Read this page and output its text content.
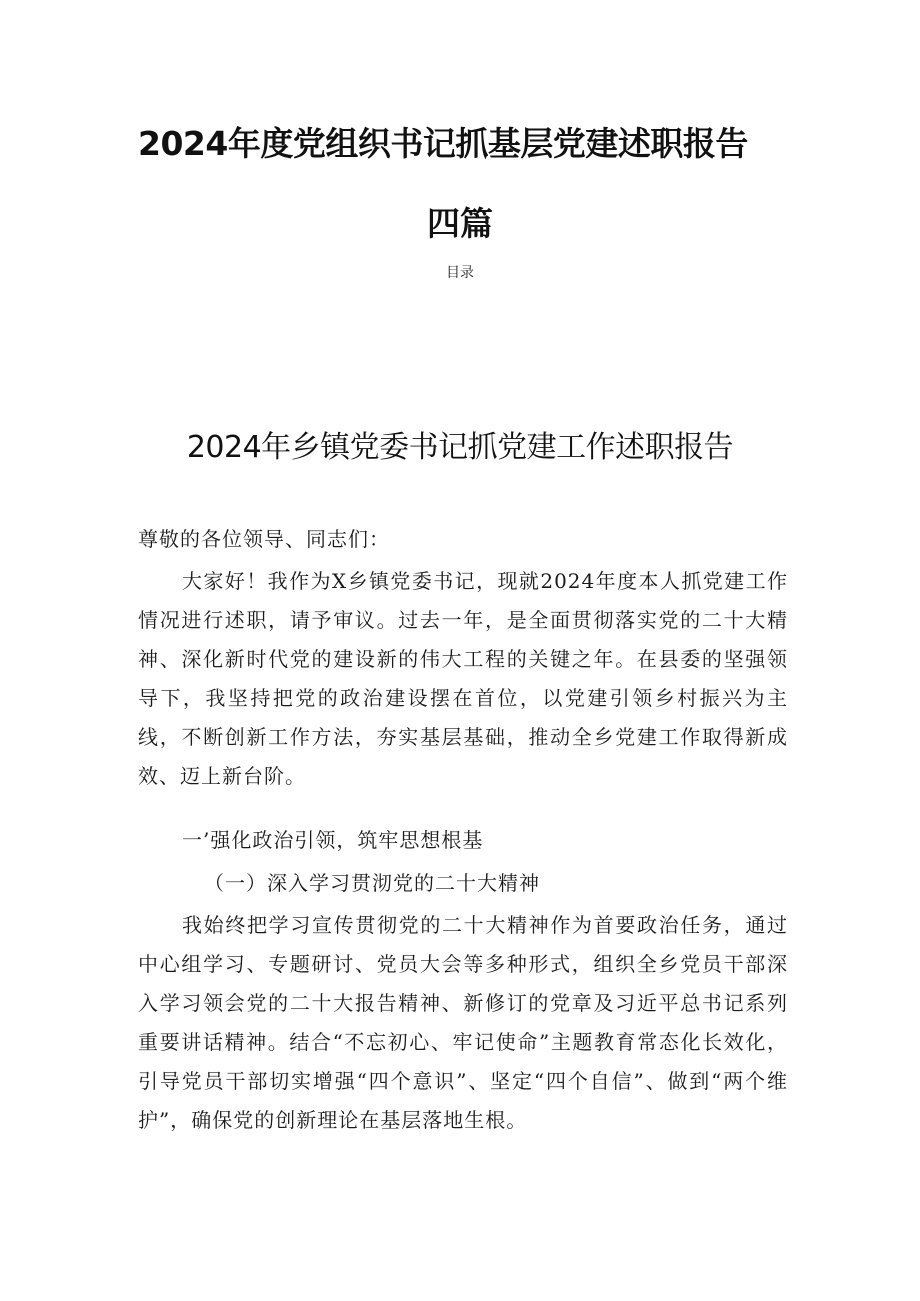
2024年度党组织书记抓基层党建述职报告
四篇
目录
2024年乡镇党委书记抓党建工作述职报告
尊敬的各位领导、同志们：
大家好！我作为X乡镇党委书记，现就2024年度本人抓党建工作情况进行述职，请予审议。过去一年，是全面贯彻落实党的二十大精神、深化新时代党的建设新的伟大工程的关键之年。在县委的坚强领导下，我坚持把党的政治建设摆在首位，以党建引领乡村振兴为主线，不断创新工作方法，夯实基层基础，推动全乡党建工作取得新成效、迈上新台阶。
一’强化政治引领，筑牢思想根基
（一）深入学习贯沏党的二十大精神
我始终把学习宣传贯彻党的二十大精神作为首要政治任务，通过中心组学习、专题研讨、党员大会等多种形式，组织全乡党员干部深入学习领会党的二十大报告精神、新修订的党章及习近平总书记系列重要讲话精神。结合“不忘初心、牢记使命”主题教育常态化长效化，引导党员干部切实增强“四个意识”、坚定“四个自信”、做到“两个维护”，确保党的创新理论在基层落地生根。
